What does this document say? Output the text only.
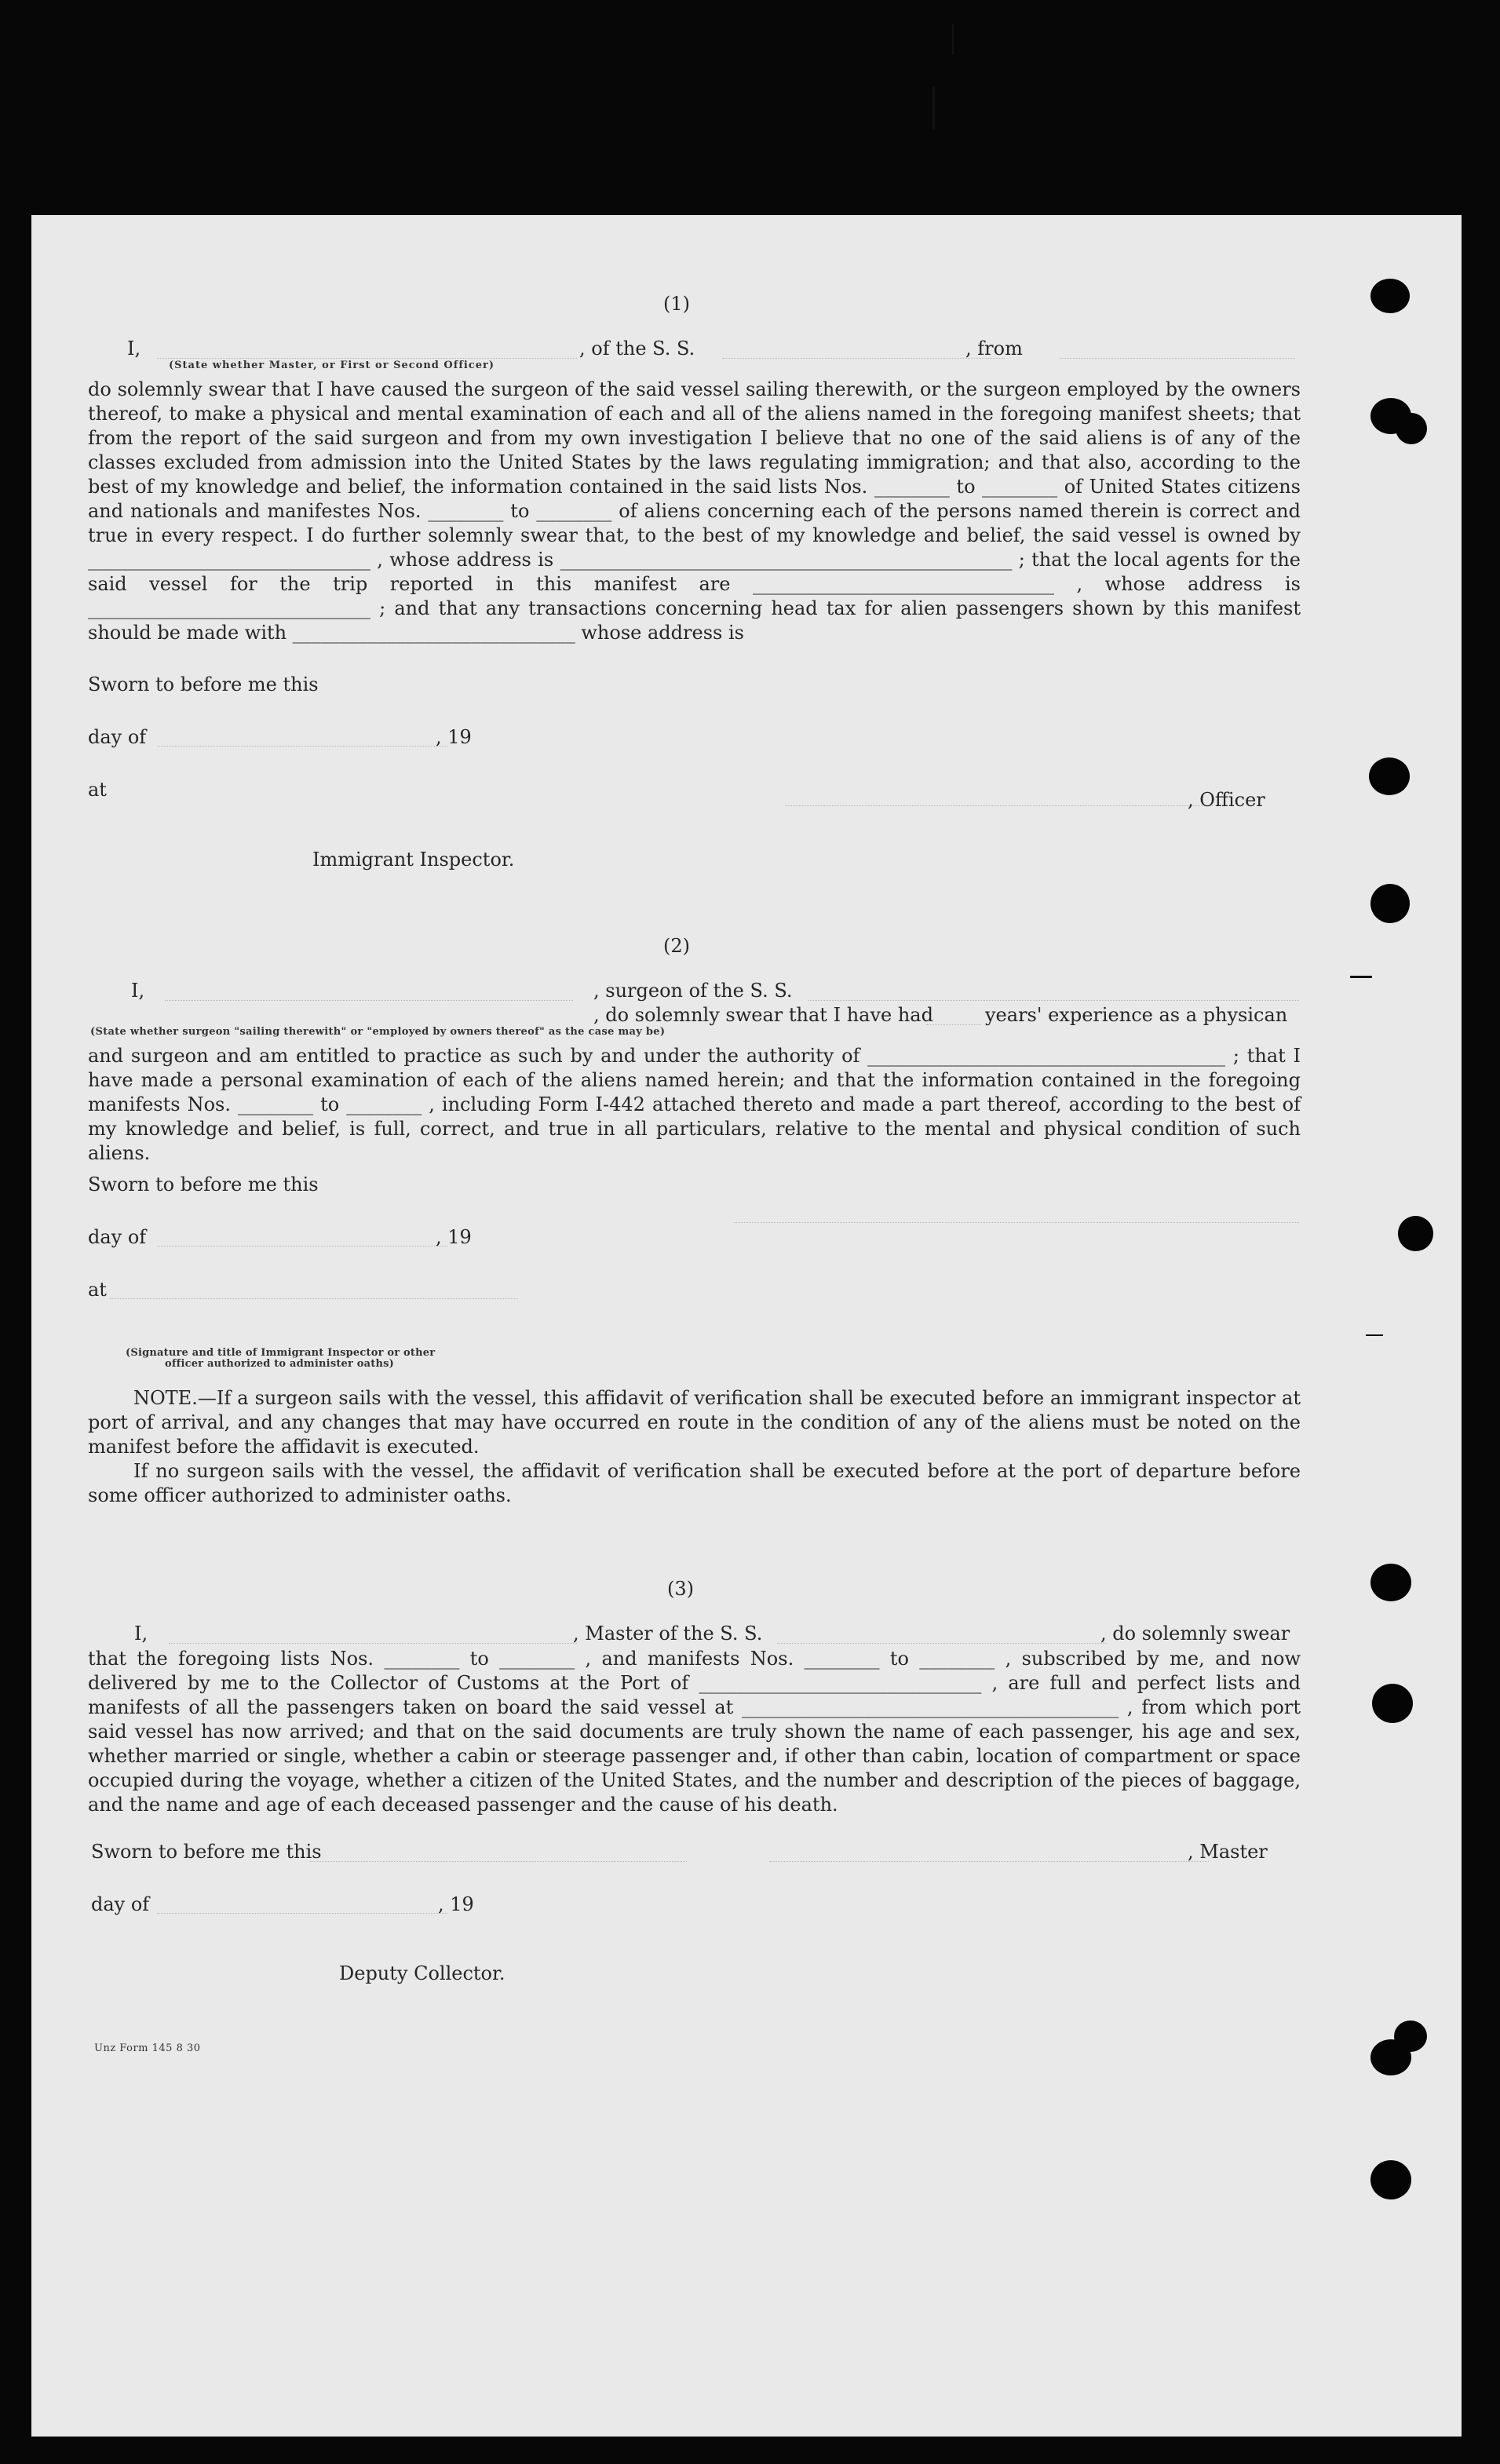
(1)
I,	, of the S. S.	, from
(State whether Master, or First or Second Officer)
do solemnly swear that I have caused the surgeon of the said vessel sailing therewith, or the surgeon employed by the owners thereof, to make a physical and mental examination of each and all of the aliens named in the foregoing manifest sheets; that from the report of the said surgeon and from my own investigation I believe that no one of the said aliens is of any of the classes excluded from admission into the United States by the laws regulating immigration; and that also, according to the best of my knowledge and belief, the information contained in the said lists Nos. ________ to ________ of United States citizens and nationals and manifestes Nos. ________ to ________ of aliens concerning each of the persons named therein is correct and true in every respect. I do further solemnly swear that, to the best of my knowledge and belief, the said vessel is owned by ______________________________ , whose address is ________________________________________________ ; that the local agents for the said vessel for the trip reported in this manifest are ________________________________ , whose address is ______________________________ ; and that any transactions concerning head tax for alien passengers shown by this manifest should be made with ______________________________ whose address is
Sworn to before me this
day of	, 19
at	, Officer
Immigrant Inspector.
(2)
I,	, surgeon of the S. S.
, do solemnly swear that I have had	years' experience as a physican
(State whether surgeon "sailing therewith" or "employed by owners thereof" as the case may be)
and surgeon and am entitled to practice as such by and under the authority of ______________________________________ ; that I have made a personal examination of each of the aliens named herein; and that the information contained in the foregoing manifests Nos. ________ to ________ , including Form I-442 attached thereto and made a part thereof, according to the best of my knowledge and belief, is full, correct, and true in all particulars, relative to the mental and physical condition of such aliens.
Sworn to before me this
day of	, 19
at
(Signature and title of Immigrant Inspector or other
officer authorized to administer oaths)
NOTE.—If a surgeon sails with the vessel, this affidavit of verification shall be executed before an immigrant inspector at port of arrival, and any changes that may have occurred en route in the condition of any of the aliens must be noted on the manifest before the affidavit is executed.
If no surgeon sails with the vessel, the affidavit of verification shall be executed before at the port of departure before some officer authorized to administer oaths.
(3)
I,	, Master of the S. S.	, do solemnly swear
that the foregoing lists Nos. ________ to ________ , and manifests Nos. ________ to ________ , subscribed by me, and now delivered by me to the Collector of Customs at the Port of ______________________________ , are full and perfect lists and manifests of all the passengers taken on board the said vessel at ________________________________________ , from which port said vessel has now arrived; and that on the said documents are truly shown the name of each passenger, his age and sex, whether married or single, whether a cabin or steerage passenger and, if other than cabin, location of compartment or space occupied during the voyage, whether a citizen of the United States, and the number and description of the pieces of baggage, and the name and age of each deceased passenger and the cause of his death.
Sworn to before me this	, Master
day of	, 19
Deputy Collector.
Unz Form 145 8 30
